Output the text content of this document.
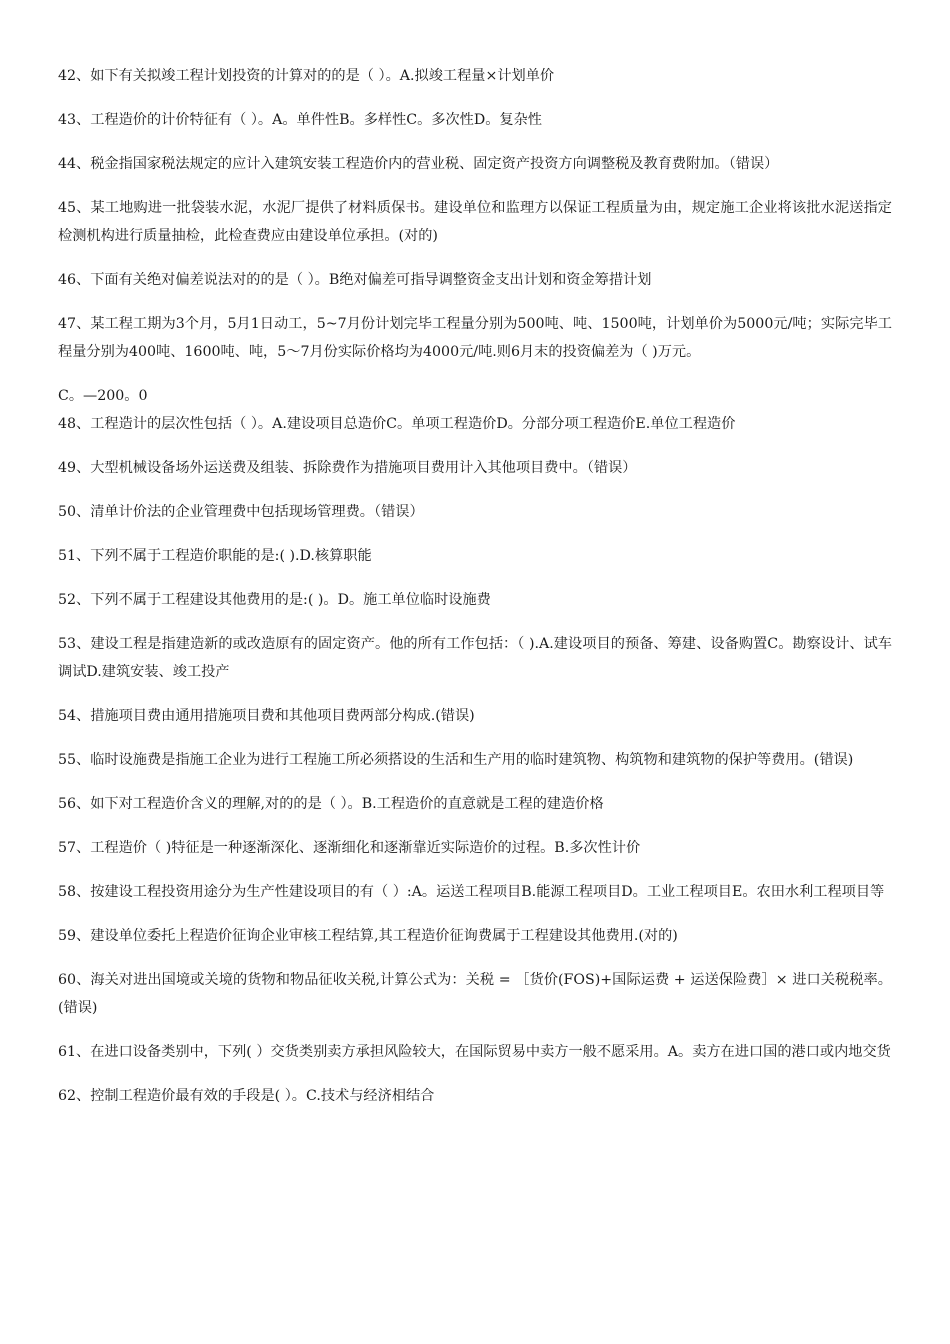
42、如下有关拟竣工程计划投资的计算对的的是（ ）。A.拟竣工程量×计划单价

43、工程造价的计价特征有（ ）。A。单件性B。多样性C。多次性D。复杂性

44、税金指国家税法规定的应计入建筑安装工程造价内的营业税、固定资产投资方向调整税及教育费附加。（错误）

45、某工地购进一批袋装水泥，水泥厂提供了材料质保书。建设单位和监理方以保证工程质量为由，规定施工企业将该批水泥送指定检测机构进行质量抽检，此检查费应由建设单位承担。(对的)

46、下面有关绝对偏差说法对的的是（ ）。B绝对偏差可指导调整资金支出计划和资金筹措计划

47、某工程工期为3个月，5月1日动工，5~7月份计划完毕工程量分别为500吨、吨、1500吨，计划单价为5000元/吨；实际完毕工程量分别为400吨、1600吨、吨，5～7月份实际价格均为4000元/吨.则6月末的投资偏差为（ )万元。

C。—200。0

48、工程造计的层次性包括（ ）。A.建设项目总造价C。单项工程造价D。分部分项工程造价E.单位工程造价

49、大型机械设备场外运送费及组装、拆除费作为措施项目费用计入其他项目费中。（错误）

50、清单计价法的企业管理费中包括现场管理费。（错误）

51、下列不属于工程造价职能的是:( ).D.核算职能

52、下列不属于工程建设其他费用的是:( )。D。施工单位临时设施费

53、建设工程是指建造新的或改造原有的固定资产。他的所有工作包括：（ ).A.建设项目的预备、筹建、设备购置C。勘察设计、试车调试D.建筑安装、竣工投产

54、措施项目费由通用措施项目费和其他项目费两部分构成.(错误)

55、临时设施费是指施工企业为进行工程施工所必须搭设的生活和生产用的临时建筑物、构筑物和建筑物的保护等费用。(错误)

56、如下对工程造价含义的理解,对的的是（ ）。B.工程造价的直意就是工程的建造价格

57、工程造价（ )特征是一种逐渐深化、逐渐细化和逐渐靠近实际造价的过程。B.多次性计价

58、按建设工程投资用途分为生产性建设项目的有（ ）:A。运送工程项目B.能源工程项目D。工业工程项目E。农田水利工程项目等

59、建设单位委托上程造价征询企业审核工程结算,其工程造价征询费属于工程建设其他费用.(对的)

60、海关对进出国境或关境的货物和物品征收关税,计算公式为：关税 = ［货价(FOS)+国际运费 + 运送保险费］× 进口关税税率。(错误)

61、在进口设备类别中，下列( ）交货类别卖方承担风险较大，在国际贸易中卖方一般不愿采用。A。卖方在进口国的港口或内地交货

62、控制工程造价最有效的手段是( ）。C.技术与经济相结合
